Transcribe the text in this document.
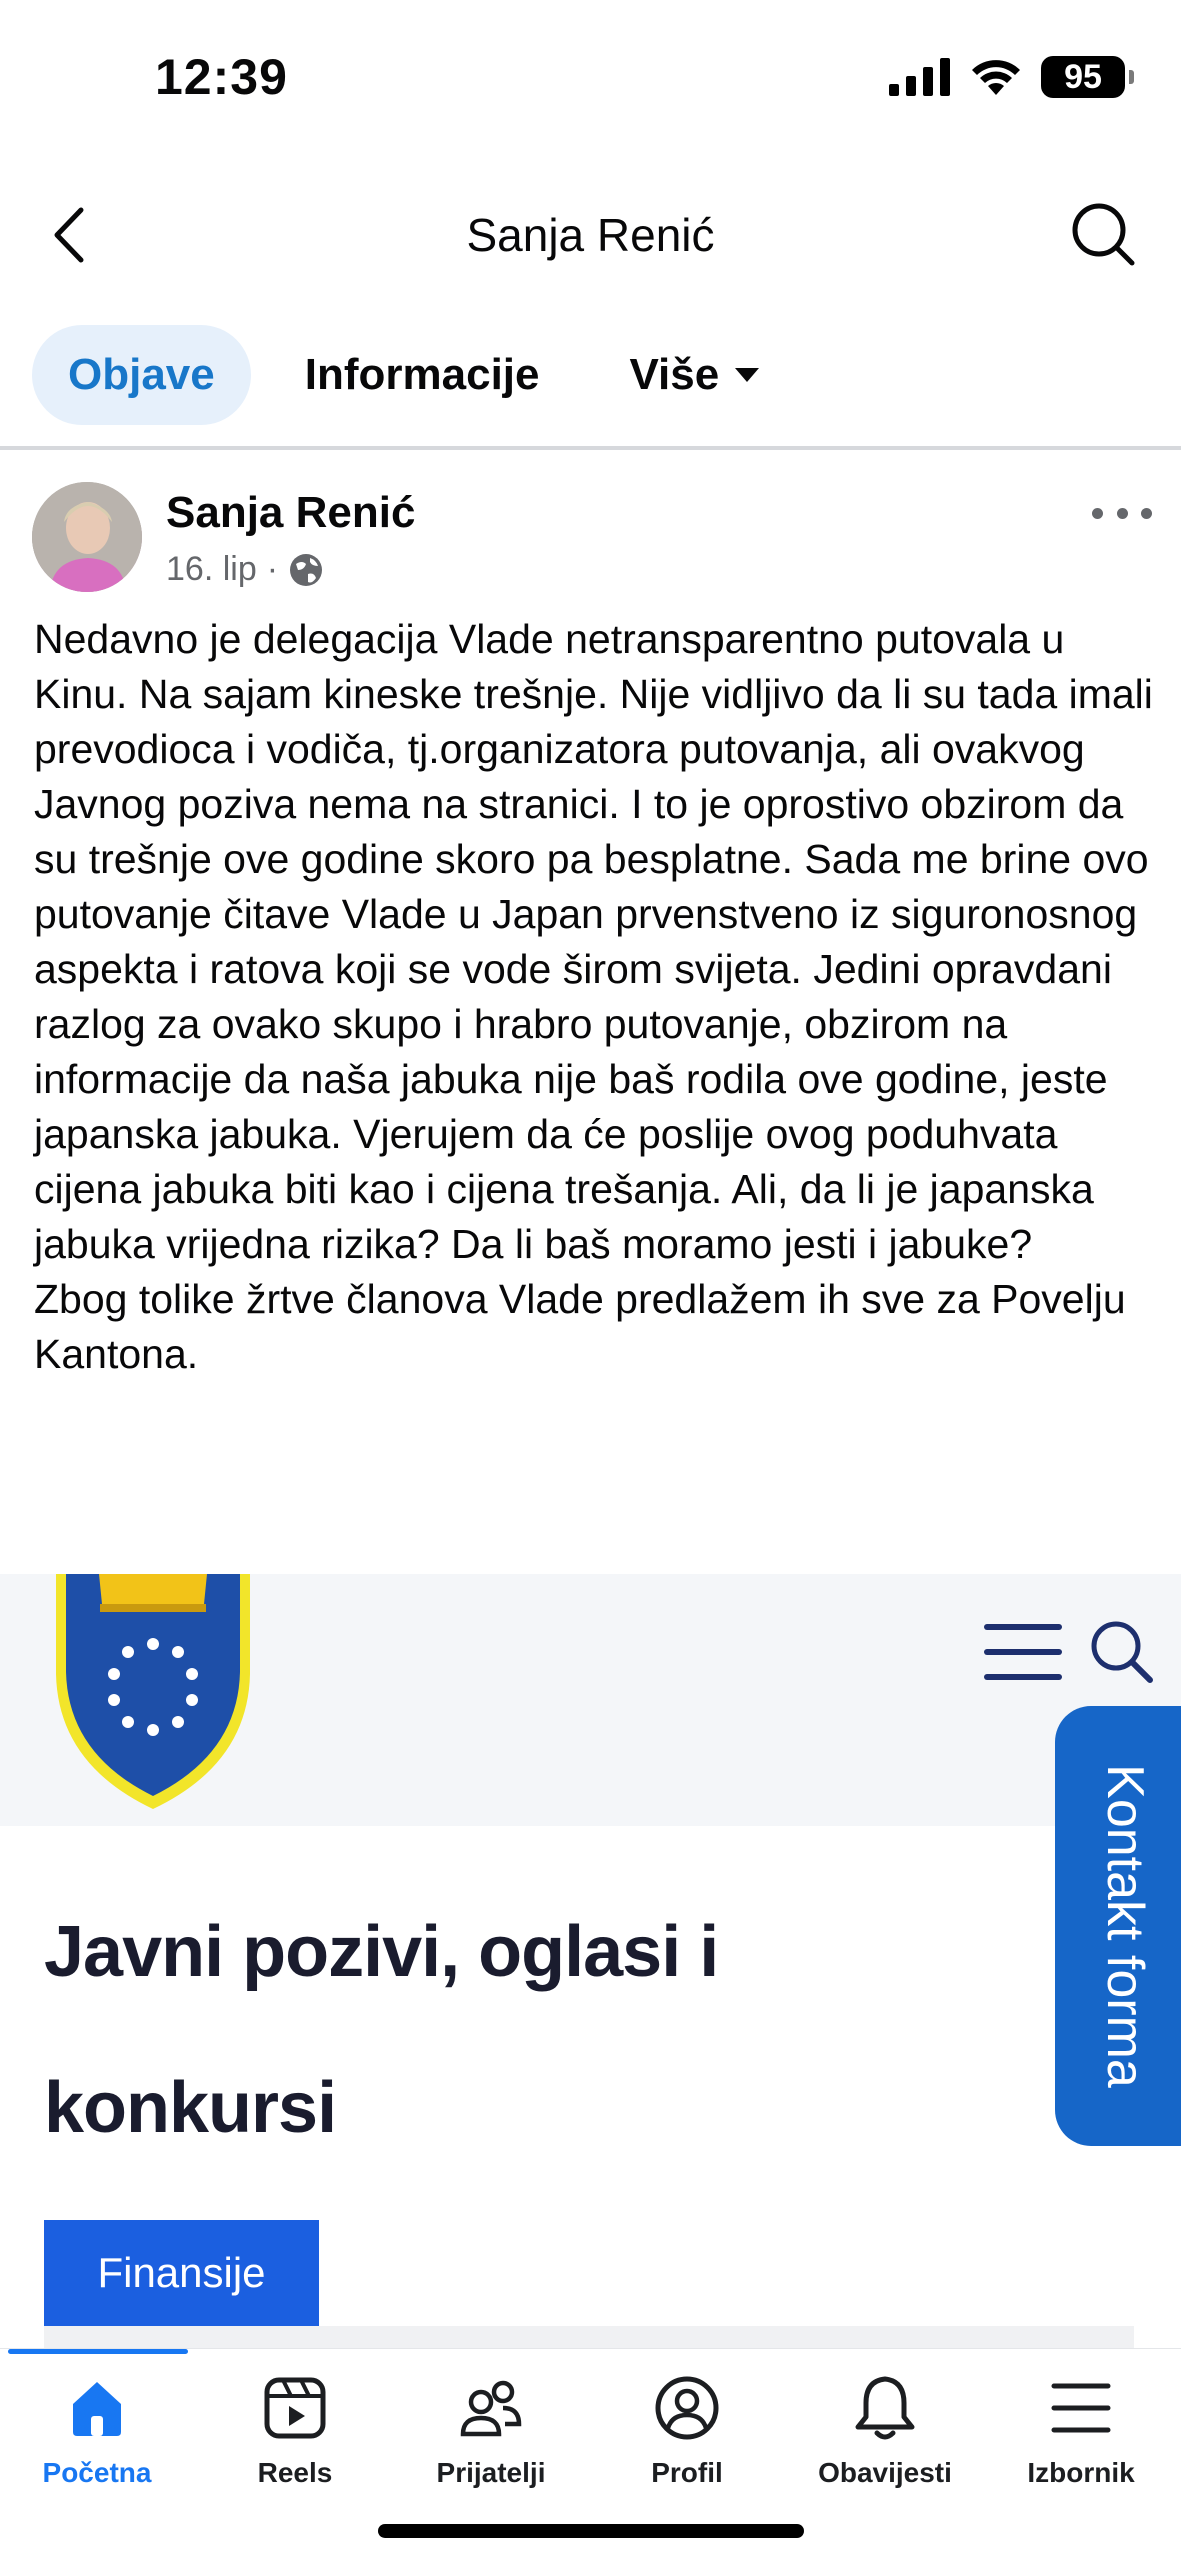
12:39	95
Sanja Renić
Objave Informacije Više
Sanja Renić
16. lip ·
Nedavno je delegacija Vlade netransparentno putovala u Kinu. Na sajam kineske trešnje. Nije vidljivo da li su tada imali prevodioca i vodiča, tj.organizatora putovanja, ali ovakvog Javnog poziva nema na stranici. I to je oprostivo obzirom da su trešnje ove godine skoro pa besplatne. Sada me brine ovo putovanje čitave Vlade u Japan prvenstveno iz siguronosnog aspekta i ratova koji se vode širom svijeta. Jedini opravdani razlog za ovako skupo i hrabro putovanje, obzirom na informacije da naša jabuka nije baš rodila ove godine, jeste japanska jabuka. Vjerujem da će poslije ovog poduhvata cijena jabuka biti kao i cijena trešanja. Ali, da li je japanska jabuka vrijedna rizika? Da li baš moramo jesti i jabuke?
Zbog tolike žrtve članova Vlade predlažem ih sve za Povelju Kantona.
Javni pozivi, oglasi i
konkursi
Kontakt forma
Finansije
Početna	Reels	Prijatelji	Profil	Obavijesti	Izbornik
